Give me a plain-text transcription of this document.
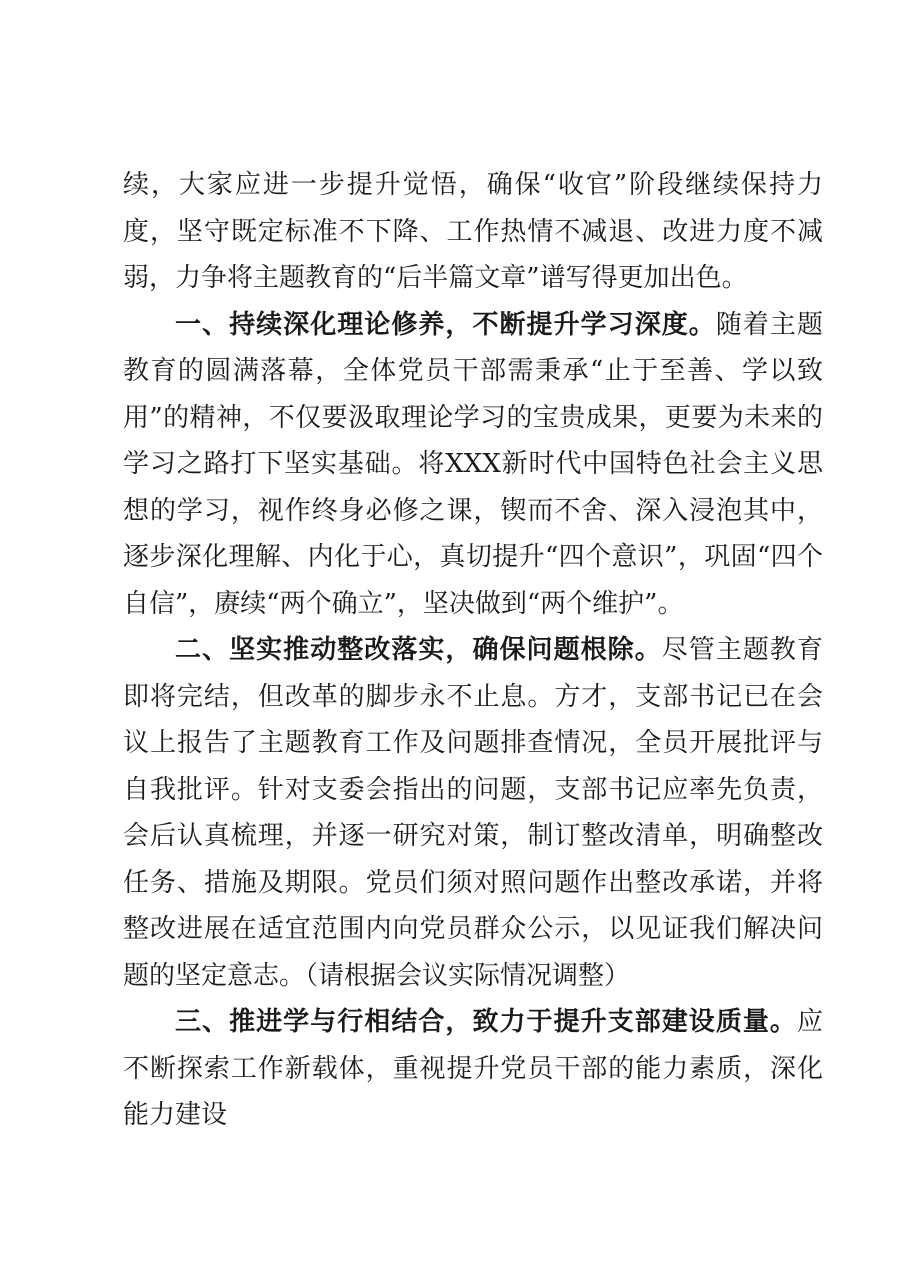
续，大家应进一步提升觉悟，确保“收官”阶段继续保持力度，坚守既定标准不下降、工作热情不减退、改进力度不减弱，力争将主题教育的“后半篇文章”谱写得更加出色。

一、持续深化理论修养，不断提升学习深度。随着主题教育的圆满落幕，全体党员干部需秉承“止于至善、学以致用”的精神，不仅要汲取理论学习的宝贵成果，更要为未来的学习之路打下坚实基础。将XXX新时代中国特色社会主义思想的学习，视作终身必修之课，锲而不舍、深入浸泡其中，逐步深化理解、内化于心，真切提升“四个意识”，巩固“四个自信”，赓续“两个确立”，坚决做到“两个维护”。

二、坚实推动整改落实，确保问题根除。尽管主题教育即将完结，但改革的脚步永不止息。方才，支部书记已在会议上报告了主题教育工作及问题排查情况，全员开展批评与自我批评。针对支委会指出的问题，支部书记应率先负责，会后认真梳理，并逐一研究对策，制订整改清单，明确整改任务、措施及期限。党员们须对照问题作出整改承诺，并将整改进展在适宜范围内向党员群众公示，以见证我们解决问题的坚定意志。（请根据会议实际情况调整）

三、推进学与行相结合，致力于提升支部建设质量。应不断探索工作新载体，重视提升党员干部的能力素质，深化能力建设
